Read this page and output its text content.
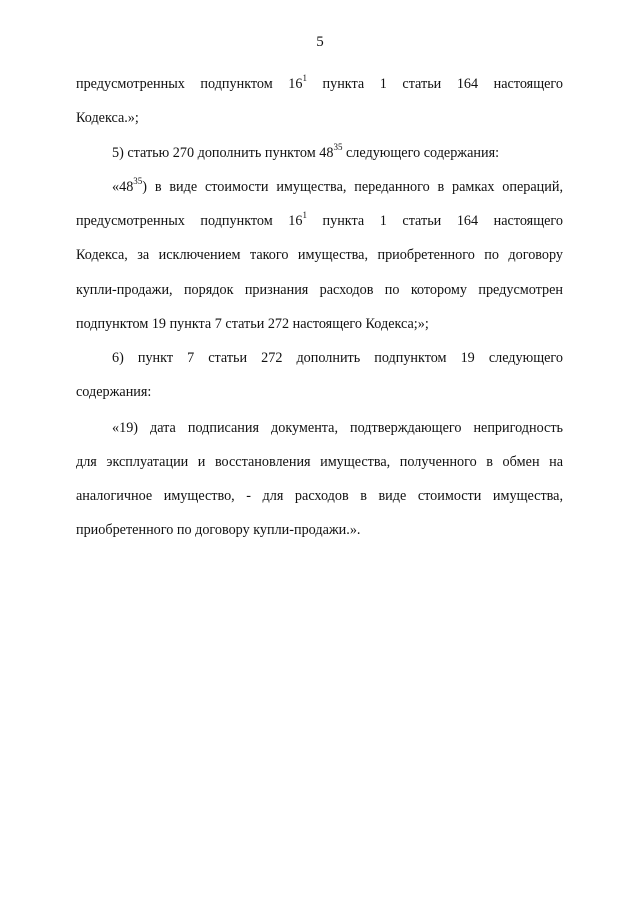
5

предусмотренных подпунктом $16^1$ пункта 1 статьи 164 настоящего

Кодекса.»;

5) статью 270 дополнить пунктом $48^{35}$ следующего содержания:

«$48^{35}$) в виде стоимости имущества, переданного в рамках операций,

предусмотренных подпунктом $16^1$ пункта 1 статьи 164 настоящего

Кодекса, за исключением такого имущества, приобретенного по договору

купли-продажи, порядок признания расходов по которому предусмотрен

подпунктом 19 пункта 7 статьи 272 настоящего Кодекса;»;

6) пункт 7 статьи 272 дополнить подпунктом 19 следующего

содержания:

«19) дата подписания документа, подтверждающего непригодность

для эксплуатации и восстановления имущества, полученного в обмен на

аналогичное имущество, - для расходов в виде стоимости имущества,

приобретенного по договору купли-продажи.».
